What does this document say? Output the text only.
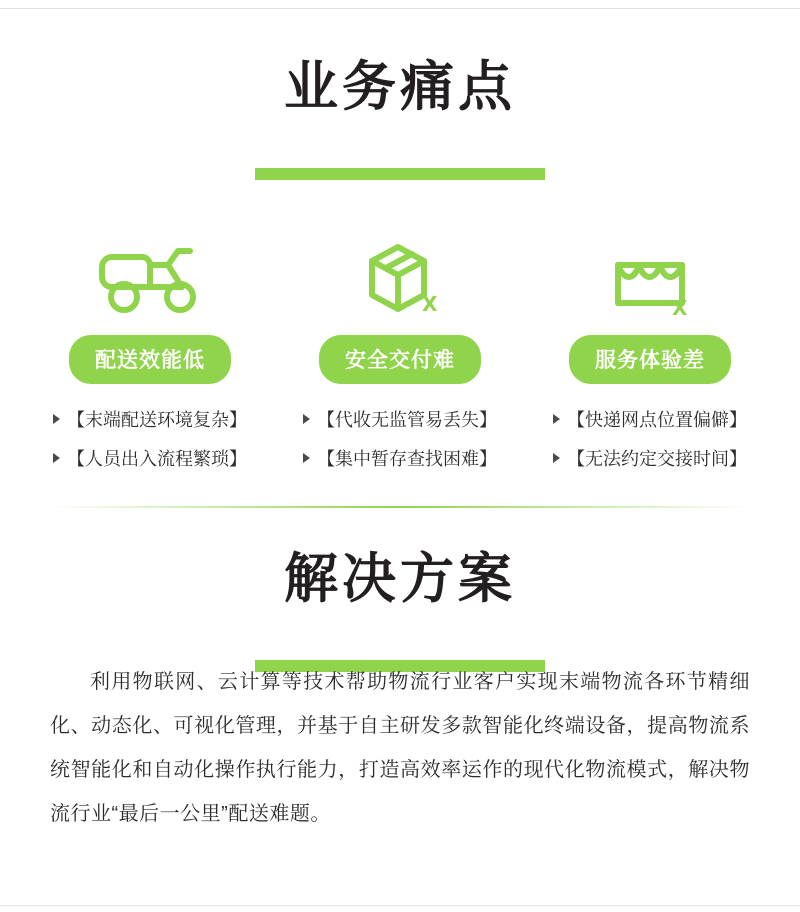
业务痛点
配送效能低
【末端配送环境复杂】
【人员出入流程繁琐】
X
安全交付难
【代收无监管易丢失】
【集中暂存查找困难】
X
服务体验差
【快递网点位置偏僻】
【无法约定交接时间】
解决方案
利用物联网、云计算等技术帮助物流行业客户实现末端物流各环节精细化、动态化、可视化管理，并基于自主研发多款智能化终端设备，提高物流系统智能化和自动化操作执行能力，打造高效率运作的现代化物流模式，解决物流行业“最后一公里”配送难题。
